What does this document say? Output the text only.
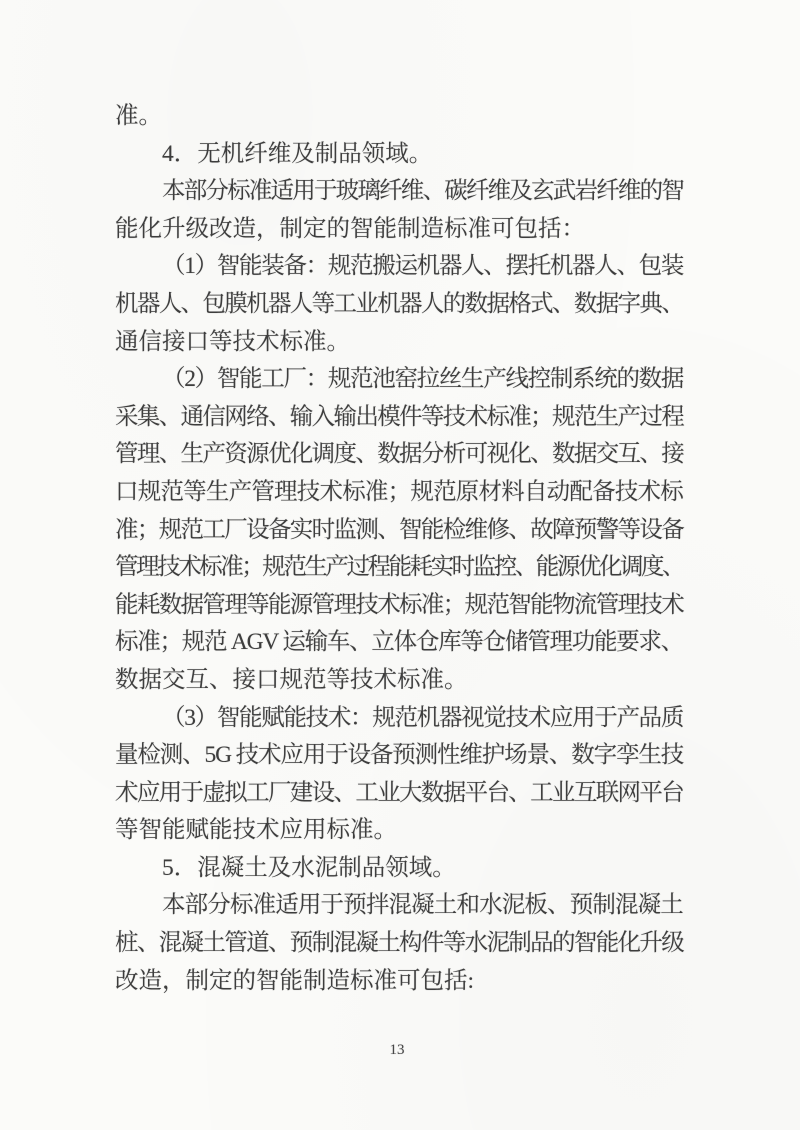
准。
4．无机纤维及制品领域。
本部分标准适用于玻璃纤维、碳纤维及玄武岩纤维的智
能化升级改造，制定的智能制造标准可包括：
（1）智能装备：规范搬运机器人、摆托机器人、包装
机器人、包膜机器人等工业机器人的数据格式、数据字典、
通信接口等技术标准。
（2）智能工厂：规范池窑拉丝生产线控制系统的数据
采集、通信网络、输入输出模件等技术标准；规范生产过程
管理、生产资源优化调度、数据分析可视化、数据交互、接
口规范等生产管理技术标准；规范原材料自动配备技术标
准；规范工厂设备实时监测、智能检维修、故障预警等设备
管理技术标准；规范生产过程能耗实时监控、能源优化调度、
能耗数据管理等能源管理技术标准；规范智能物流管理技术
标准；规范 AGV 运输车、立体仓库等仓储管理功能要求、
数据交互、接口规范等技术标准。
（3）智能赋能技术：规范机器视觉技术应用于产品质
量检测、5G 技术应用于设备预测性维护场景、数字孪生技
术应用于虚拟工厂建设、工业大数据平台、工业互联网平台
等智能赋能技术应用标准。
5．混凝土及水泥制品领域。
本部分标准适用于预拌混凝土和水泥板、预制混凝土
桩、混凝土管道、预制混凝土构件等水泥制品的智能化升级
改造，制定的智能制造标准可包括:
13
